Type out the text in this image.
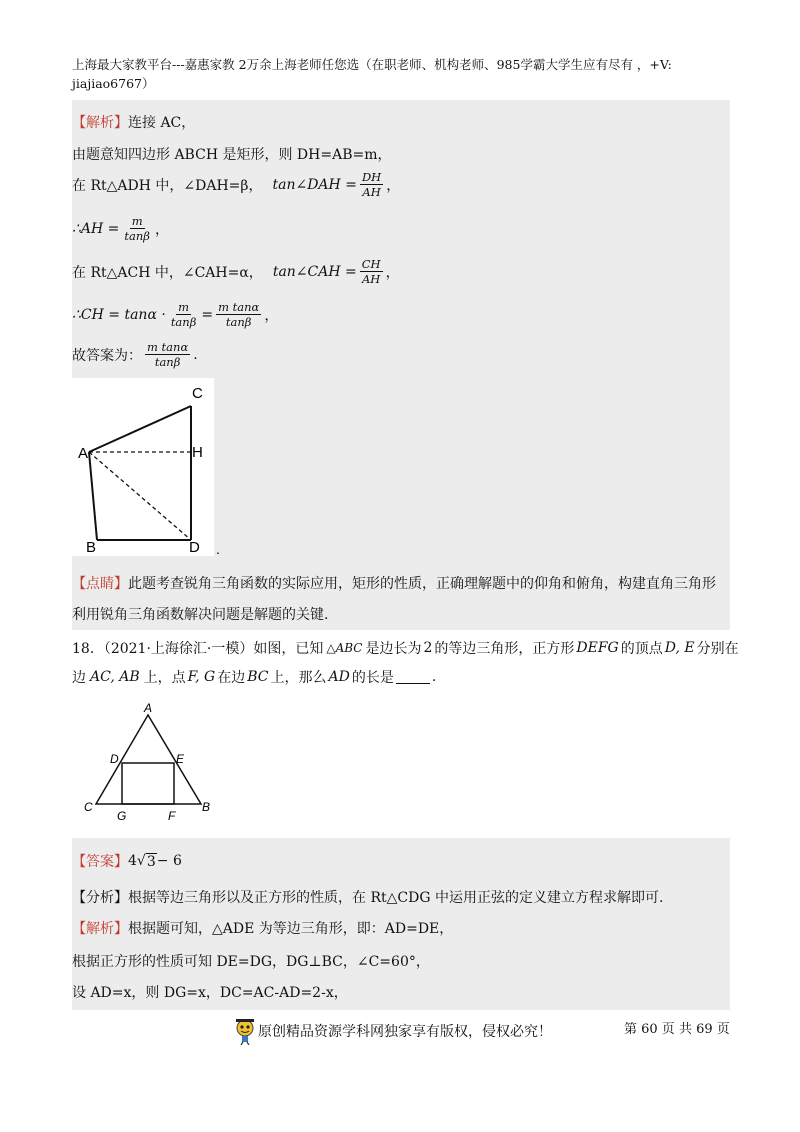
上海最大家教平台---嘉惠家教 2万余上海老师任您选（在职老师、机构老师、985学霸大学生应有尽有 ，+V:
jiajiao6767）
【解析】 连接 AC，
由题意知四边形 ABCH 是矩形，则 DH=AB=m，
在 Rt△ADH 中，∠DAH=β， tan∠DAH = $\frac{DH}{AH}$ ，
∴AH = $\frac{m}{\tan\beta}$ ，
在 Rt△ACH 中，∠CAH=α， tan∠CAH = $\frac{CH}{AH}$ ，
∴CH = $\tan\alpha \cdot \frac{m}{\tan\beta} = \frac{\text{m tanα}}{\tan\beta}$ ，
故答案为： $\frac{\text{m tanα}}{\tan\beta}$ .
C
A	H
B	D .
【点睛】 此题考查锐角三角函数的实际应用，矩形的性质，正确理解题中的仰角和俯角，构建直角三角形
利用锐角三角函数解决问题是解题的关键.
18．（2021·上海徐汇·一模）如图，已知 △ABC 是边长为 2 的等边三角形，正方形 DEFG 的顶点 D, E 分别在
边 AC, AB 上，点 F, G 在边 BC 上，那么 AD 的长是	.
A
D	E
C	B
G	F
【答案】 4 √ 3 − 6
【分析】 根据等边三角形以及正方形的性质，在 Rt△CDG 中运用正弦的定义建立方程求解即可.
【解析】 根据题可知，△ADE 为等边三角形，即：AD=DE，
根据正方形的性质可知 DE=DG，DG⊥BC，∠C=60°，
设 AD=x，则 DG=x，DC=AC-AD=2-x，
原创精品资源学科网独家享有版权，侵权必究！	第 60 页 共 69 页
